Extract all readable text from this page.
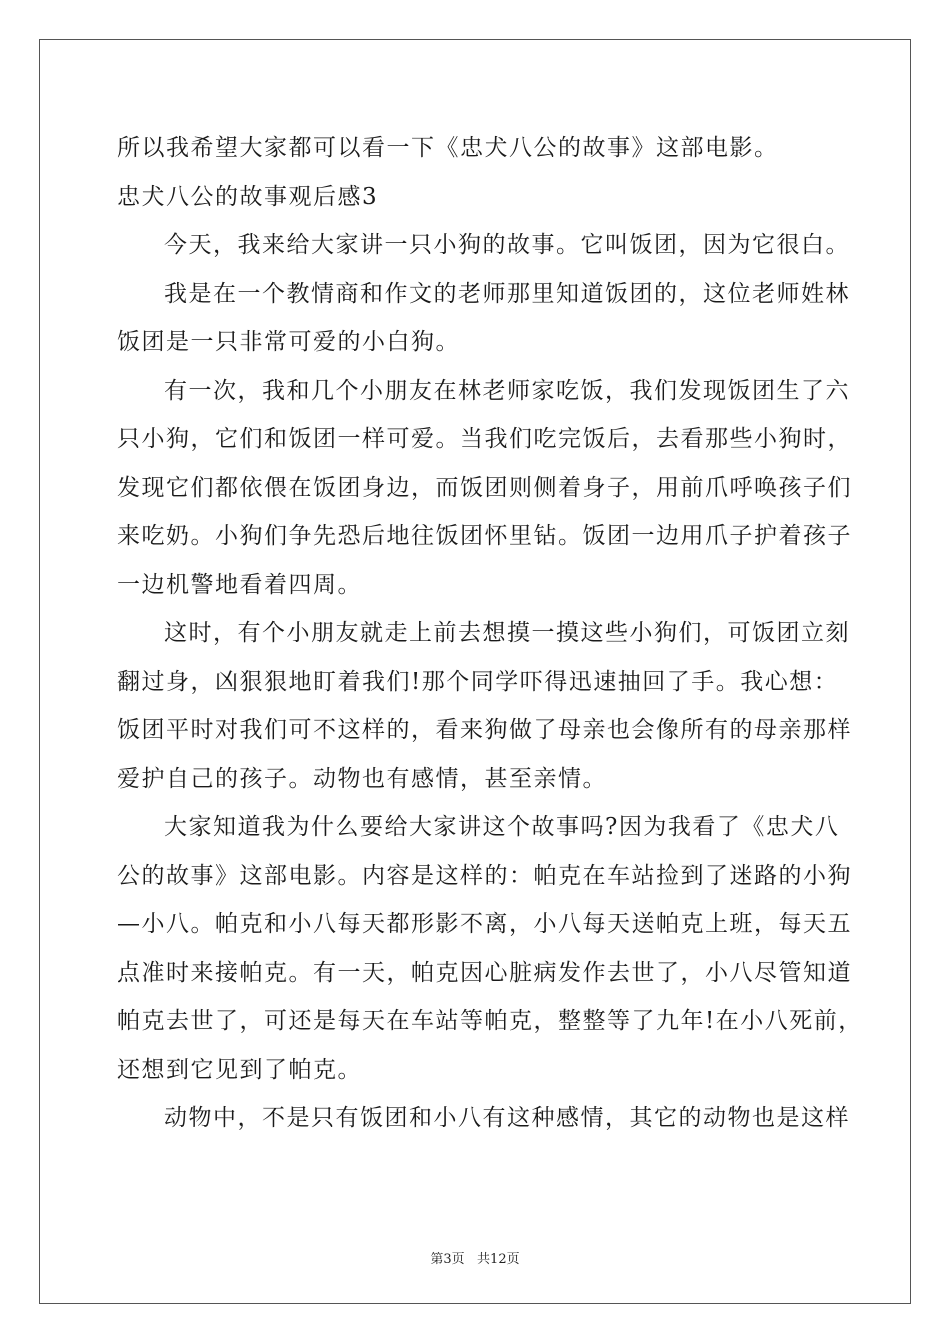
所以我希望大家都可以看一下《忠犬八公的故事》这部电影。
忠犬八公的故事观后感3
今天，我来给大家讲一只小狗的故事。它叫饭团，因为它很白。
我是在一个教情商和作文的老师那里知道饭团的，这位老师姓林
饭团是一只非常可爱的小白狗。
有一次，我和几个小朋友在林老师家吃饭，我们发现饭团生了六
只小狗，它们和饭团一样可爱。当我们吃完饭后，去看那些小狗时，
发现它们都依偎在饭团身边，而饭团则侧着身子，用前爪呼唤孩子们
来吃奶。小狗们争先恐后地往饭团怀里钻。饭团一边用爪子护着孩子
一边机警地看着四周。
这时，有个小朋友就走上前去想摸一摸这些小狗们，可饭团立刻
翻过身，凶狠狠地盯着我们!那个同学吓得迅速抽回了手。我心想：
饭团平时对我们可不这样的，看来狗做了母亲也会像所有的母亲那样
爱护自己的孩子。动物也有感情，甚至亲情。
大家知道我为什么要给大家讲这个故事吗?因为我看了《忠犬八
公的故事》这部电影。内容是这样的：帕克在车站捡到了迷路的小狗
—小八。帕克和小八每天都形影不离，小八每天送帕克上班，每天五
点准时来接帕克。有一天，帕克因心脏病发作去世了，小八尽管知道
帕克去世了，可还是每天在车站等帕克，整整等了九年!在小八死前，
还想到它见到了帕克。
动物中，不是只有饭团和小八有这种感情，其它的动物也是这样
第3页   共12页
